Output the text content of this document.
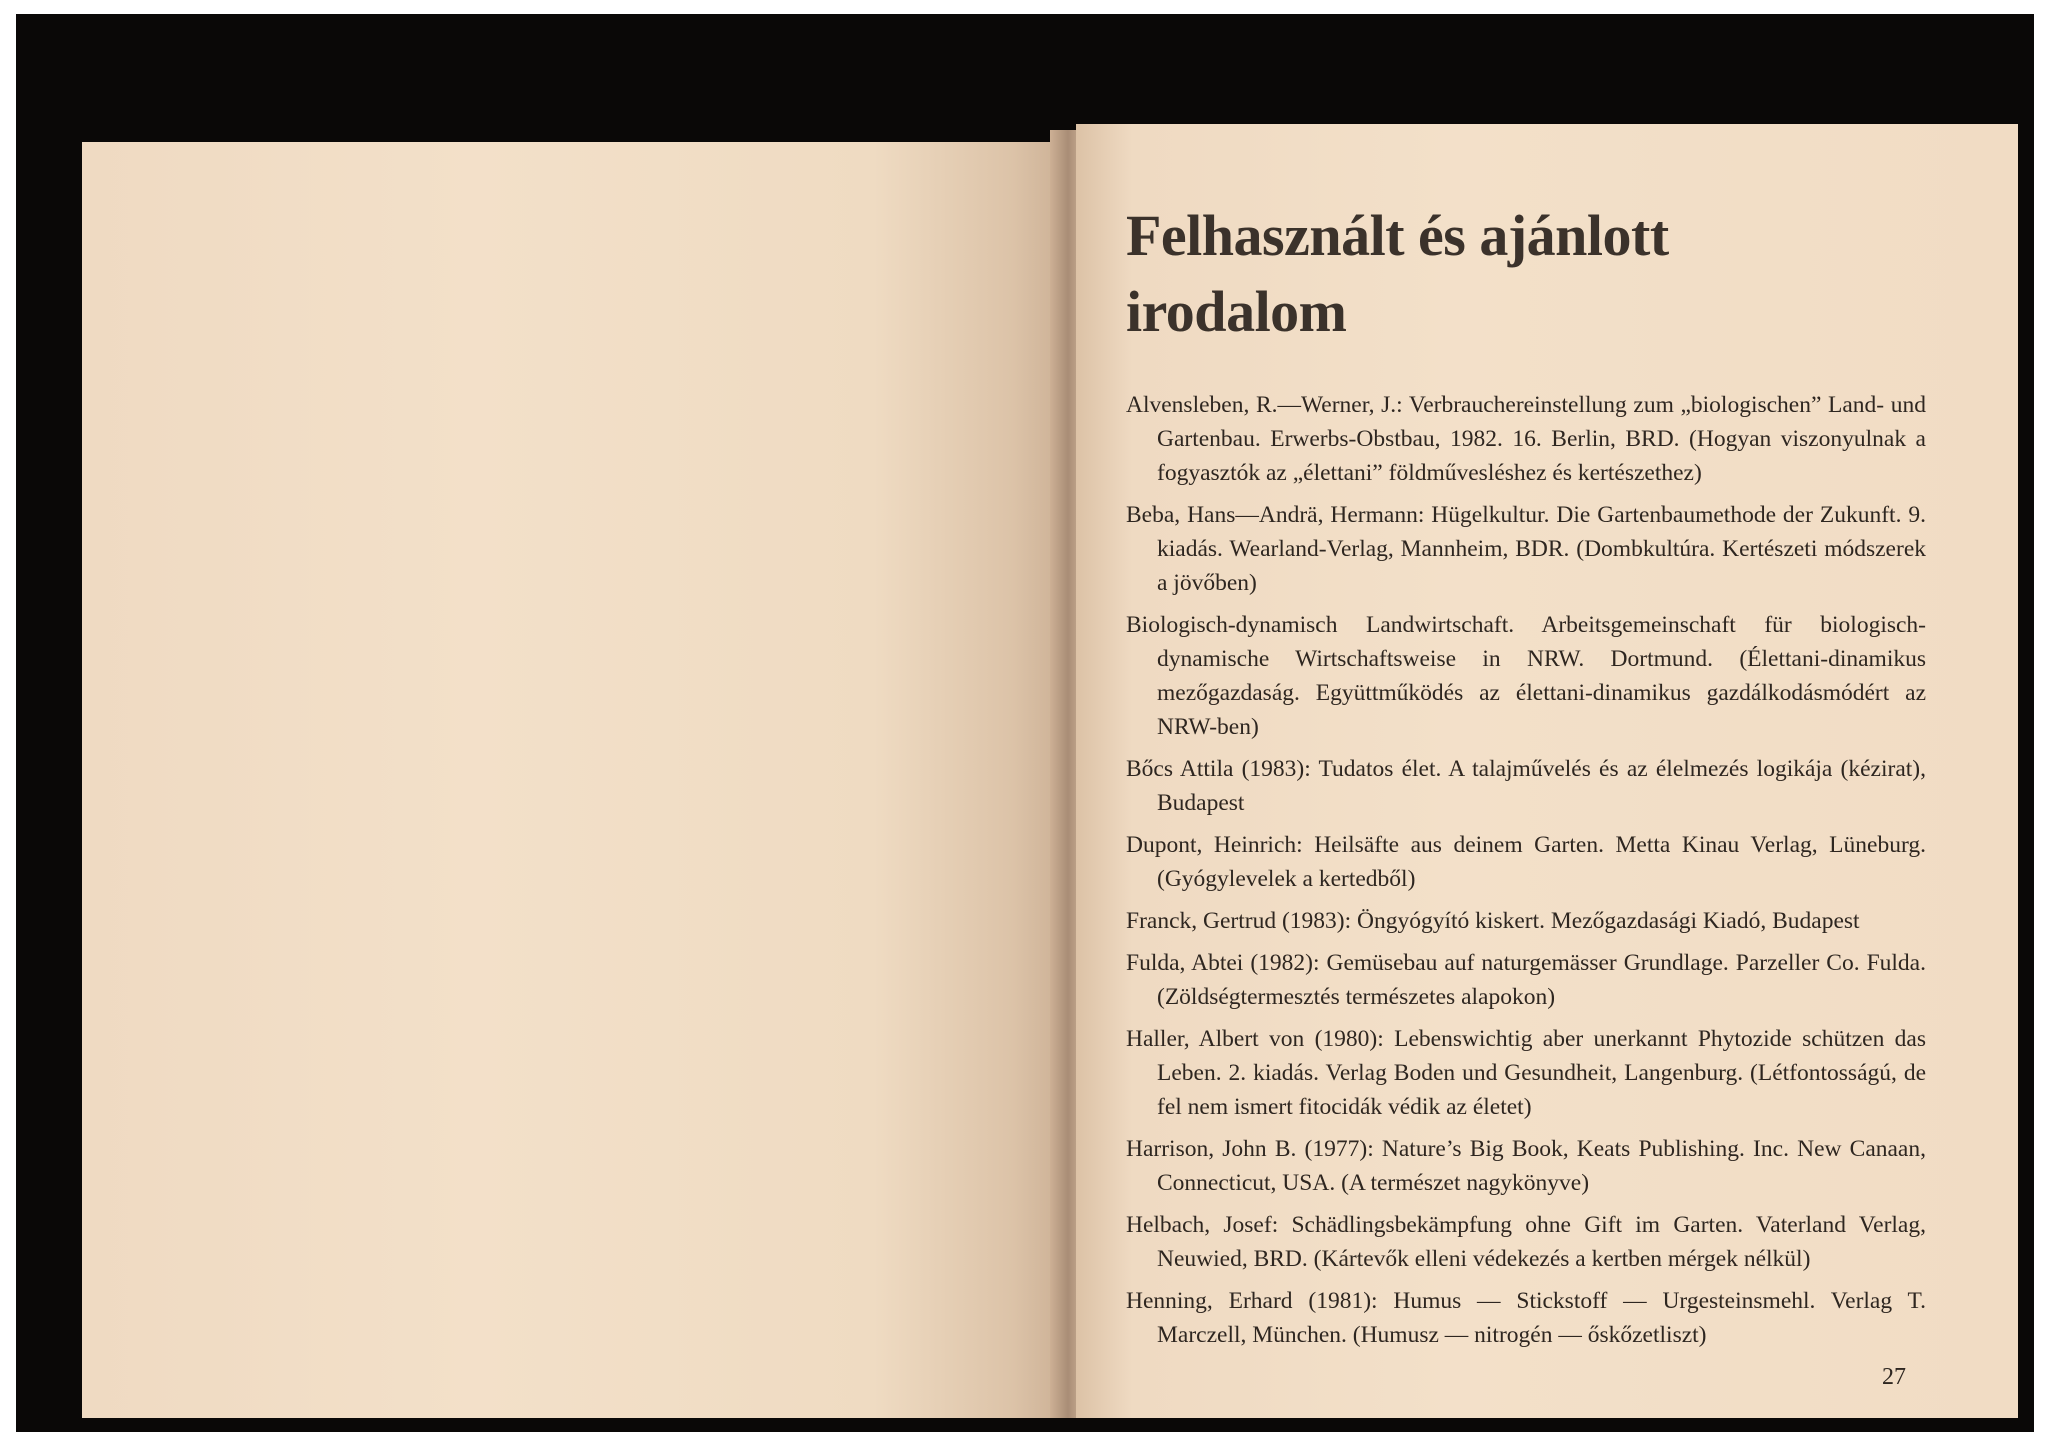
Felhasznált és ajánlott
irodalom

Alvensleben, R.—Werner, J.: Verbrauchereinstellung zum „biologischen” Land- und Gartenbau. Erwerbs-Obstbau, 1982. 16. Berlin, BRD. (Hogyan viszonyulnak a fogyasztók az „élettani” földművesléshez és kertészethez)

Beba, Hans—Andrä, Hermann: Hügelkultur. Die Gartenbaumethode der Zukunft. 9. kiadás. Wearland-Verlag, Mannheim, BDR. (Dombkultúra. Kertészeti módszerek a jövőben)

Biologisch-dynamisch Landwirtschaft. Arbeitsgemeinschaft für biologisch-dynamische Wirtschaftsweise in NRW. Dortmund. (Élettani-dinamikus mezőgazdaság. Együttműködés az élettani-dinamikus gazdálkodásmódért az NRW-ben)

Bőcs Attila (1983): Tudatos élet. A talajművelés és az élelmezés logikája (kézirat), Budapest

Dupont, Heinrich: Heilsäfte aus deinem Garten. Metta Kinau Verlag, Lüneburg. (Gyógylevelek a kertedből)

Franck, Gertrud (1983): Öngyógyító kiskert. Mezőgazdasági Kiadó, Budapest

Fulda, Abtei (1982): Gemüsebau auf naturgemässer Grundlage. Parzeller Co. Fulda. (Zöldségtermesztés természetes alapokon)

Haller, Albert von (1980): Lebenswichtig aber unerkannt Phytozide schützen das Leben. 2. kiadás. Verlag Boden und Gesundheit, Langenburg. (Létfontosságú, de fel nem ismert fitocidák védik az életet)

Harrison, John B. (1977): Nature’s Big Book, Keats Publishing. Inc. New Canaan, Connecticut, USA. (A természet nagykönyve)

Helbach, Josef: Schädlingsbekämpfung ohne Gift im Garten. Vaterland Verlag, Neuwied, BRD. (Kártevők elleni védekezés a kertben mérgek nélkül)

Henning, Erhard (1981): Humus — Stickstoff — Urgesteinsmehl. Verlag T. Marczell, München. (Humusz — nitrogén — őskőzetliszt)

27
